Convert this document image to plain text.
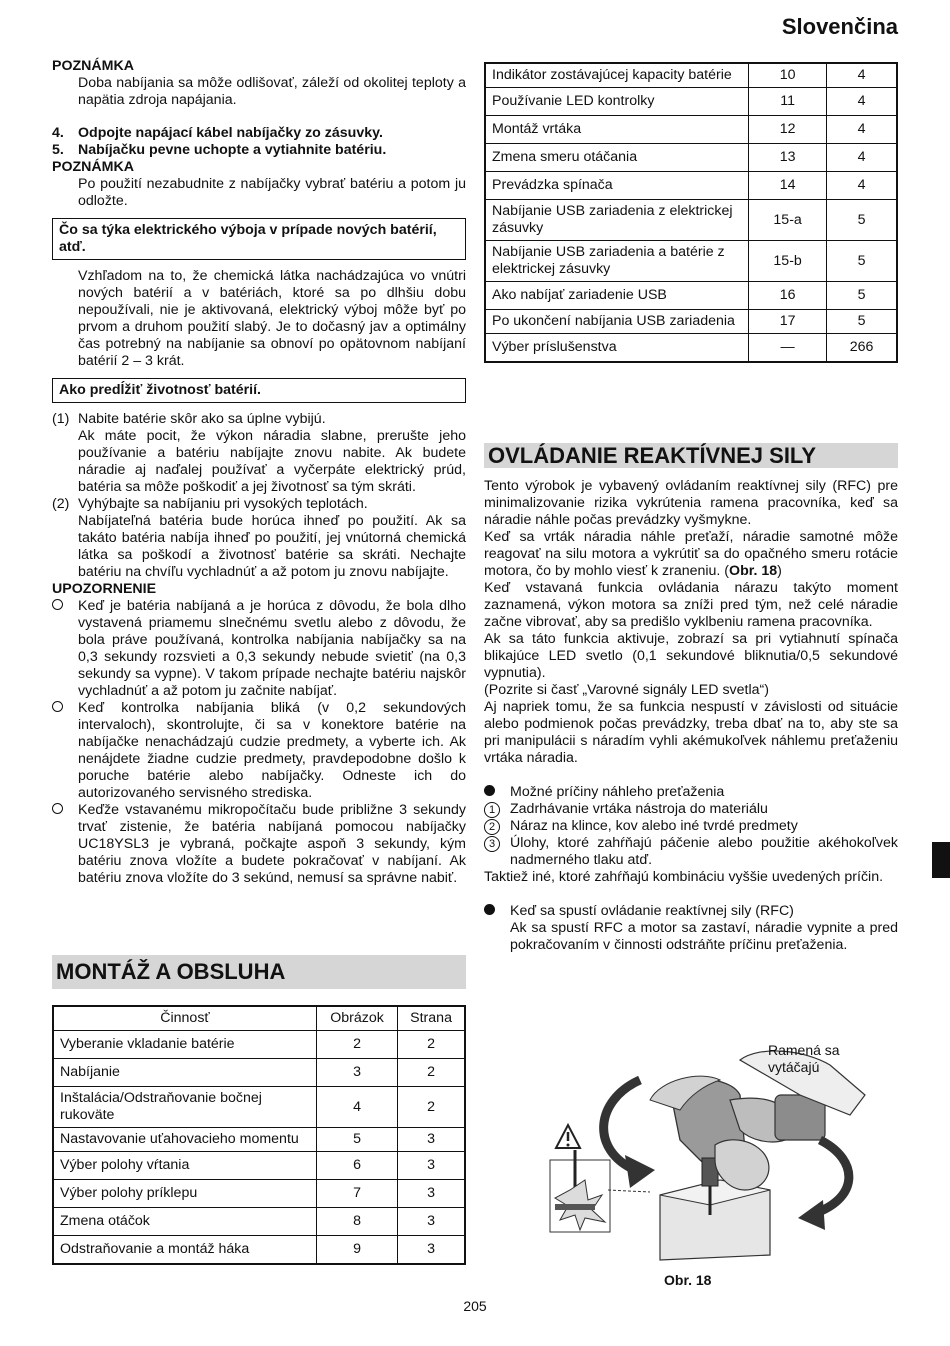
Slovenčina
POZNÁMKA
Doba nabíjania sa môže odlišovať, záleží od okolitej teploty a napätia zdroja napájania.
4. Odpojte napájací kábel nabíjačky zo zásuvky.
5. Nabíjačku pevne uchopte a vytiahnite batériu.
POZNÁMKA
Po použití nezabudnite z nabíjačky vybrať batériu a potom ju odložte.
Čo sa týka elektrického výboja v prípade nových batérií, atď.
Vzhľadom na to, že chemická látka nachádzajúca vo vnútri nových batérií a v batériách, ktoré sa po dlhšiu dobu nepoužívali, nie je aktivovaná, elektrický výboj môže byť po prvom a druhom použití slabý. Je to dočasný jav a optimálny čas potrebný na nabíjanie sa obnoví po opätovnom nabíjaní batérií 2 – 3 krát.
Ako predĺžiť životnosť batérií.
(1) Nabite batérie skôr ako sa úplne vybijú.
Ak máte pocit, že výkon náradia slabne, prerušte jeho používanie a batériu nabíjajte znovu nabite. Ak budete náradie aj naďalej používať a vyčerpáte elektrický prúd, batéria sa môže poškodiť a jej životnosť sa tým skráti.
(2) Vyhýbajte sa nabíjaniu pri vysokých teplotách.
Nabíjateľná batéria bude horúca ihneď po použití. Ak sa takáto batéria nabíja ihneď po použití, jej vnútorná chemická látka sa poškodí a životnosť batérie sa skráti. Nechajte batériu na chvíľu vychladnúť a až potom ju znovu nabíjajte.
UPOZORNENIE
Keď je batéria nabíjaná a je horúca z dôvodu, že bola dlho vystavená priamemu slnečnému svetlu alebo z dôvodu, že bola práve používaná, kontrolka nabíjania nabíjačky sa na 0,3 sekundy rozsvieti a 0,3 sekundy nebude svietiť (na 0,3 sekundy sa vypne). V takom prípade nechajte batériu najskôr vychladnúť a až potom ju začnite nabíjať.
Keď kontrolka nabíjania bliká (v 0,2 sekundových intervaloch), skontrolujte, či sa v konektore batérie na nabíjačke nenachádzajú cudzie predmety, a vyberte ich. Ak nenájdete žiadne cudzie predmety, pravdepodobne došlo k poruche batérie alebo nabíjačky. Odneste ich do autorizovaného servisného strediska.
Keďže vstavanému mikropočítaču bude približne 3 sekundy trvať zistenie, že batéria nabíjaná pomocou nabíjačky UC18YSL3 je vybraná, počkajte aspoň 3 sekundy, kým batériu znova vložíte a budete pokračovať v nabíjaní. Ak batériu znova vložíte do 3 sekúnd, nemusí sa správne nabiť.
MONTÁŽ A OBSLUHA
Činnosť	Obrázok	Strana
Vyberanie vkladanie batérie	2	2
Nabíjanie	3	2
Inštalácia/Odstraňovanie bočnej rukoväte	4	2
Nastavovanie uťahovacieho momentu	5	3
Výber polohy vŕtania	6	3
Výber polohy príklepu	7	3
Zmena otáčok	8	3
Odstraňovanie a montáž háka	9	3
Indikátor zostávajúcej kapacity batérie	10	4
Používanie LED kontrolky	11	4
Montáž vrtáka	12	4
Zmena smeru otáčania	13	4
Prevádzka spínača	14	4
Nabíjanie USB zariadenia z elektrickej zásuvky	15-a	5
Nabíjanie USB zariadenia a batérie z elektrickej zásuvky	15-b	5
Ako nabíjať zariadenie USB	16	5
Po ukončení nabíjania USB zariadenia	17	5
Výber príslušenstva	—	266
OVLÁDANIE REAKTÍVNEJ SILY
Tento výrobok je vybavený ovládaním reaktívnej sily (RFC) pre minimalizovanie rizika vykrútenia ramena pracovníka, keď sa náradie náhle počas prevádzky vyšmykne.
Keď sa vrták náradia náhle preťaží, náradie samotné môže reagovať na silu motora a vykrútiť sa do opačného smeru rotácie motora, čo by mohlo viesť k zraneniu. (Obr. 18)
Keď vstavaná funkcia ovládania nárazu takýto moment zaznamená, výkon motora sa zníži pred tým, než celé náradie začne vibrovať, aby sa predišlo vyklbeniu ramena pracovníka.
Ak sa táto funkcia aktivuje, zobrazí sa pri vytiahnutí spínača blikajúce LED svetlo (0,1 sekundové bliknutia/0,5 sekundové vypnutia).
(Pozrite si časť „Varovné signály LED svetla“)
Aj napriek tomu, že sa funkcia nespustí v závislosti od situácie alebo podmienok počas prevádzky, treba dbať na to, aby ste sa pri manipulácii s náradím vyhli akémukoľvek náhlemu preťaženiu vrtáka náradia.
Možné príčiny náhleho preťaženia
1	Zadrhávanie vrtáka nástroja do materiálu
2	Náraz na klince, kov alebo iné tvrdé predmety
3	Úlohy, ktoré zahŕňajú páčenie alebo použitie akéhokoľvek nadmerného tlaku atď.
Taktiež iné, ktoré zahŕňajú kombináciu vyššie uvedených príčin.
Keď sa spustí ovládanie reaktívnej sily (RFC)
Ak sa spustí RFC a motor sa zastaví, náradie vypnite a pred pokračovaním v činnosti odstráňte príčinu preťaženia.
Ramená sa
vytáčajú
Obr. 18
205
